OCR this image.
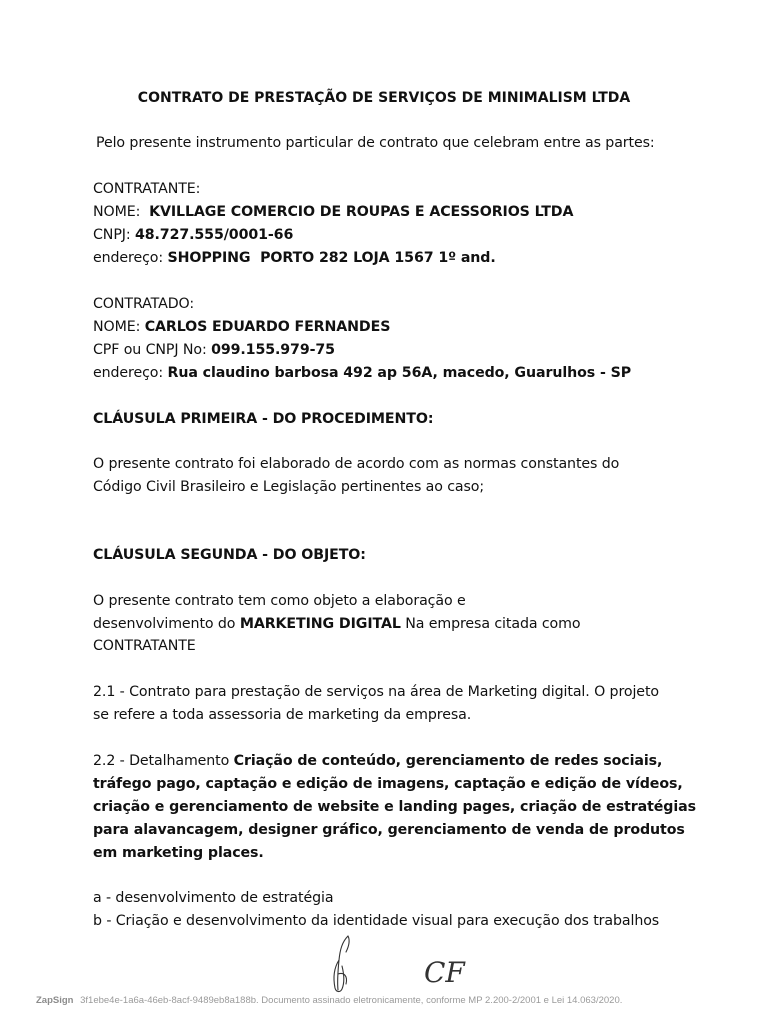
CONTRATO DE PRESTAÇÃO DE SERVIÇOS DE MINIMALISM LTDA
Pelo presente instrumento particular de contrato que celebram entre as partes:
CONTRATANTE:
NOME: KVILLAGE COMERCIO DE ROUPAS E ACESSORIOS LTDA
CNPJ: 48.727.555/0001-66
endereço: SHOPPING  PORTO 282 LOJA 1567 1º and.
CONTRATADO:
NOME: CARLOS EDUARDO FERNANDES
CPF ou CNPJ No: 099.155.979-75
endereço: Rua claudino barbosa 492 ap 56A, macedo, Guarulhos - SP
CLÁUSULA PRIMEIRA - DO PROCEDIMENTO:
O presente contrato foi elaborado de acordo com as normas constantes do
Código Civil Brasileiro e Legislação pertinentes ao caso;
CLÁUSULA SEGUNDA - DO OBJETO:
O presente contrato tem como objeto a elaboração e
desenvolvimento do MARKETING DIGITAL Na empresa citada como
CONTRATANTE
2.1 - Contrato para prestação de serviços na área de Marketing digital. O projeto
se refere a toda assessoria de marketing da empresa.
2.2 - Detalhamento Criação de conteúdo, gerenciamento de redes sociais,
tráfego pago, captação e edição de imagens, captação e edição de vídeos,
criação e gerenciamento de website e landing pages, criação de estratégias
para alavancagem, designer gráfico, gerenciamento de venda de produtos
em marketing places.
a - desenvolvimento de estratégia
b - Criação e desenvolvimento da identidade visual para execução dos trabalhos
CF
ZapSign 3f1ebe4e-1a6a-46eb-8acf-9489eb8a188b. Documento assinado eletronicamente, conforme MP 2.200-2/2001 e Lei 14.063/2020.
